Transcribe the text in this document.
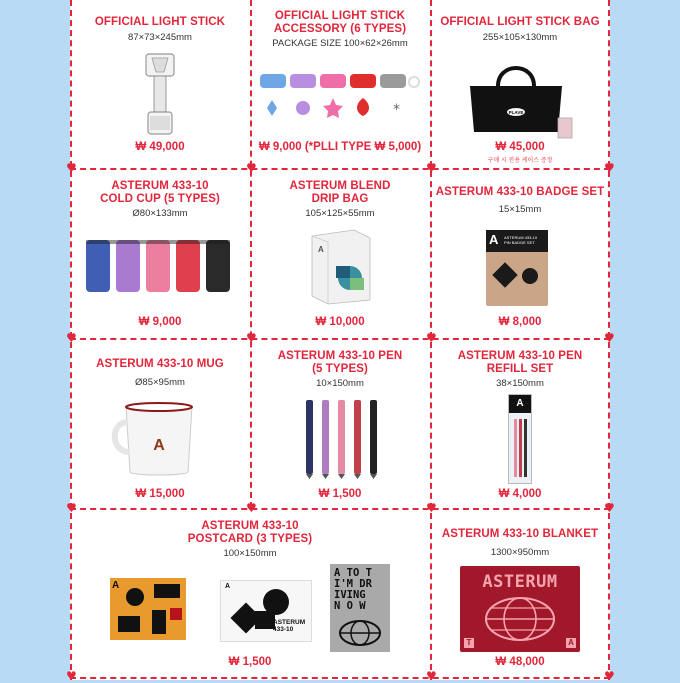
♥	♥	♥	♥
♥	♥	♥	♥
♥	♥	♥	♥
♥	♥	♥
OFFICIAL LIGHT STICK
87×73×245mm
₩ 49,000
OFFICIAL LIGHT STICK
ACCESSORY (6 TYPES)
PACKAGE SIZE 100×62×26mm
*
₩ 9,000 (*PLLI TYPE ₩ 5,000)
OFFICIAL LIGHT STICK BAG
255×105×130mm
PLAVE
₩ 45,000
구매 시 전용 케이스 증정
ASTERUM 433-10
COLD CUP (5 TYPES)
Ø80×133mm
₩ 9,000
ASTERUM BLEND
DRIP BAG
105×125×55mm
A
₩ 10,000
ASTERUM 433-10 BADGE SET
15×15mm
A ASTERUM 433-10
PIN BADGE SET
₩ 8,000
ASTERUM 433-10 MUG
Ø85×95mm
A
₩ 15,000
ASTERUM 433-10 PEN
(5 TYPES)
10×150mm
₩ 1,500
ASTERUM 433-10 PEN
REFILL SET
38×150mm
A
₩ 4,000
ASTERUM 433-10
POSTCARD (3 TYPES)
100×150mm
A	A
ASTERUM
433-10
A TO T
I'M DR
IVING
N O W
₩ 1,500
ASTERUM 433-10 BLANKET
1300×950mm
ASTERUM
T	A
₩ 48,000
